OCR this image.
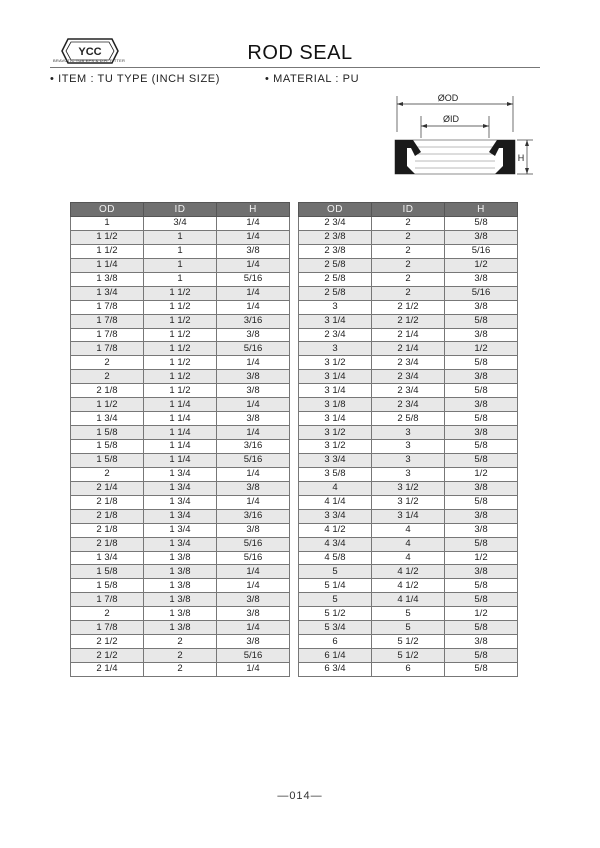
YCC
BRAVUTIC TUB EPS & D.R. FITTER	ROD SEAL
• ITEM : TU TYPE (INCH SIZE)	• MATERIAL : PU
ØOD
ØID
H
OD	ID	H
1	3/4	1/4
1 1/2	1	1/4
1 1/2	1	3/8
1 1/4	1	1/4
1 3/8	1	5/16
1 3/4	1 1/2	1/4
1 7/8	1 1/2	1/4
1 7/8	1 1/2	3/16
1 7/8	1 1/2	3/8
1 7/8	1 1/2	5/16
2	1 1/2	1/4
2	1 1/2	3/8
2 1/8	1 1/2	3/8
1 1/2	1 1/4	1/4
1 3/4	1 1/4	3/8
1 5/8	1 1/4	1/4
1 5/8	1 1/4	3/16
1 5/8	1 1/4	5/16
2	1 3/4	1/4
2 1/4	1 3/4	3/8
2 1/8	1 3/4	1/4
2 1/8	1 3/4	3/16
2 1/8	1 3/4	3/8
2 1/8	1 3/4	5/16
1 3/4	1 3/8	5/16
1 5/8	1 3/8	1/4
1 5/8	1 3/8	1/4
1 7/8	1 3/8	3/8
2	1 3/8	3/8
1 7/8	1 3/8	1/4
2 1/2	2	3/8
2 1/2	2	5/16
2 1/4	2	1/4
OD	ID	H
2 3/4	2	5/8
2 3/8	2	3/8
2 3/8	2	5/16
2 5/8	2	1/2
2 5/8	2	3/8
2 5/8	2	5/16
3	2 1/2	3/8
3 1/4	2 1/2	5/8
2 3/4	2 1/4	3/8
3	2 1/4	1/2
3 1/2	2 3/4	5/8
3 1/4	2 3/4	3/8
3 1/4	2 3/4	5/8
3 1/8	2 3/4	3/8
3 1/4	2 5/8	5/8
3 1/2	3	3/8
3 1/2	3	5/8
3 3/4	3	5/8
3 5/8	3	1/2
4	3 1/2	3/8
4 1/4	3 1/2	5/8
3 3/4	3 1/4	3/8
4 1/2	4	3/8
4 3/4	4	5/8
4 5/8	4	1/2
5	4 1/2	3/8
5 1/4	4 1/2	5/8
5	4 1/4	5/8
5 1/2	5	1/2
5 3/4	5	5/8
6	5 1/2	3/8
6 1/4	5 1/2	5/8
6 3/4	6	5/8
—014—
